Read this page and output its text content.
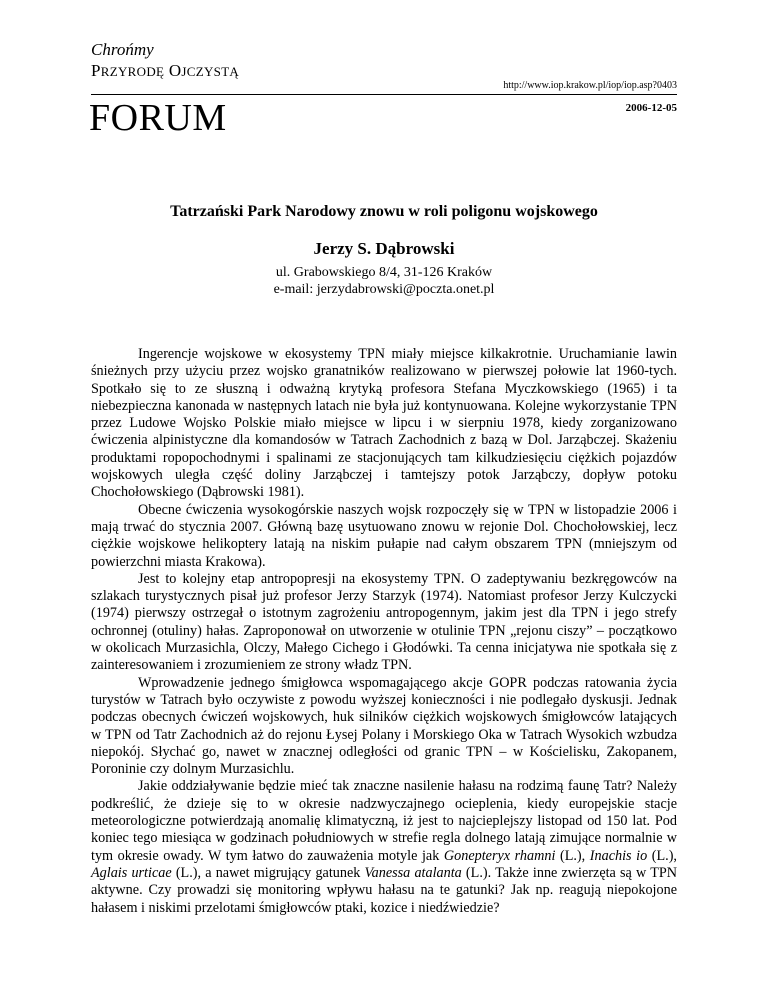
Chrońmy
PRZYRODĘ OJCZYSTĄ
http://www.iop.krakow.pl/iop/iop.asp?0403
FORUM	2006-12-05
Tatrzański Park Narodowy znowu w roli poligonu wojskowego
Jerzy S. Dąbrowski
ul. Grabowskiego 8/4, 31-126 Kraków
e-mail: jerzydabrowski@poczta.onet.pl

Ingerencje wojskowe w ekosystemy TPN miały miejsce kilkakrotnie. Uruchamianie lawin śnieżnych przy użyciu przez wojsko granatników realizowano w pierwszej połowie lat 1960-tych. Spotkało się to ze słuszną i odważną krytyką profesora Stefana Myczkowskiego (1965) i ta niebezpieczna kanonada w następnych latach nie była już kontynuowana. Kolejne wykorzystanie TPN przez Ludowe Wojsko Polskie miało miejsce w lipcu i w sierpniu 1978, kiedy zorganizowano ćwiczenia alpinistyczne dla komandosów w Tatrach Zachodnich z bazą w Dol. Jarząbczej. Skażeniu produktami ropopochodnymi i spalinami ze stacjonujących tam kilkudziesięciu ciężkich pojazdów wojskowych uległa część doliny Jarząbczej i tamtejszy potok Jarząbczy, dopływ potoku Chochołowskiego (Dąbrowski 1981).

Obecne ćwiczenia wysokogórskie naszych wojsk rozpoczęły się w TPN w listopadzie 2006 i mają trwać do stycznia 2007. Główną bazę usytuowano znowu w rejonie Dol. Chochołowskiej, lecz ciężkie wojskowe helikoptery latają na niskim pułapie nad całym obszarem TPN (mniejszym od powierzchni miasta Krakowa).

Jest to kolejny etap antropopresji na ekosystemy TPN. O zadeptywaniu bezkręgowców na szlakach turystycznych pisał już profesor Jerzy Starzyk (1974). Natomiast profesor Jerzy Kulczycki (1974) pierwszy ostrzegał o istotnym zagrożeniu antropogennym, jakim jest dla TPN i jego strefy ochronnej (otuliny) hałas. Zaproponował on utworzenie w otulinie TPN „rejonu ciszy” – początkowo w okolicach Murzasichla, Olczy, Małego Cichego i Głodówki. Ta cenna inicjatywa nie spotkała się z zainteresowaniem i zrozumieniem ze strony władz TPN.

Wprowadzenie jednego śmigłowca wspomagającego akcje GOPR podczas ratowania życia turystów w Tatrach było oczywiste z powodu wyższej konieczności i nie podlegało dyskusji. Jednak podczas obecnych ćwiczeń wojskowych, huk silników ciężkich wojskowych śmigłowców latających w TPN od Tatr Zachodnich aż do rejonu Łysej Polany i Morskiego Oka w Tatrach Wysokich wzbudza niepokój. Słychać go, nawet w znacznej odległości od granic TPN – w Kościelisku, Zakopanem, Poroninie czy dolnym Murzasichlu.

Jakie oddziaływanie będzie mieć tak znaczne nasilenie hałasu na rodzimą faunę Tatr? Należy podkreślić, że dzieje się to w okresie nadzwyczajnego ocieplenia, kiedy europejskie stacje meteorologiczne potwierdzają anomalię klimatyczną, iż jest to najcieplejszy listopad od 150 lat. Pod koniec tego miesiąca w godzinach południowych w strefie regla dolnego latają zimujące normalnie w tym okresie owady. W tym łatwo do zauważenia motyle jak Gonepteryx rhamni (L.), Inachis io (L.), Aglais urticae (L.), a nawet migrujący gatunek Vanessa atalanta (L.). Także inne zwierzęta są w TPN aktywne. Czy prowadzi się monitoring wpływu hałasu na te gatunki? Jak np. reagują niepokojone hałasem i niskimi przelotami śmigłowców ptaki, kozice i niedźwiedzie?
